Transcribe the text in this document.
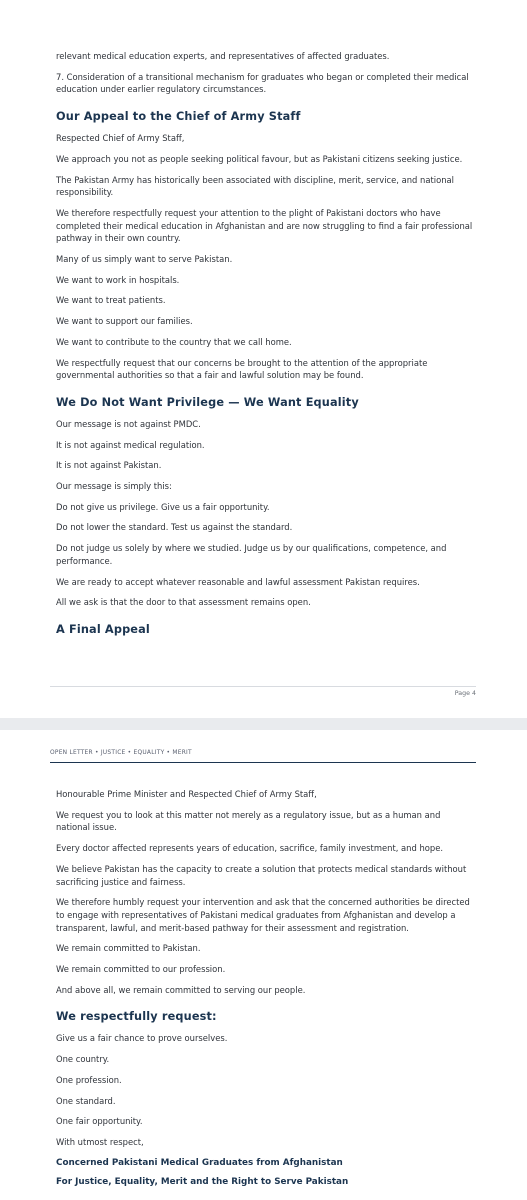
relevant medical education experts, and representatives of affected graduates.

7. Consideration of a transitional mechanism for graduates who began or completed their medical education under earlier regulatory circumstances.

Our Appeal to the Chief of Army Staff

Respected Chief of Army Staff,

We approach you not as people seeking political favour, but as Pakistani citizens seeking justice.

The Pakistan Army has historically been associated with discipline, merit, service, and national responsibility.

We therefore respectfully request your attention to the plight of Pakistani doctors who have completed their medical education in Afghanistan and are now struggling to find a fair professional pathway in their own country.

Many of us simply want to serve Pakistan.

We want to work in hospitals.

We want to treat patients.

We want to support our families.

We want to contribute to the country that we call home.

We respectfully request that our concerns be brought to the attention of the appropriate governmental authorities so that a fair and lawful solution may be found.

We Do Not Want Privilege — We Want Equality

Our message is not against PMDC.

It is not against medical regulation.

It is not against Pakistan.

Our message is simply this:

Do not give us privilege. Give us a fair opportunity.

Do not lower the standard. Test us against the standard.

Do not judge us solely by where we studied. Judge us by our qualifications, competence, and performance.

We are ready to accept whatever reasonable and lawful assessment Pakistan requires.

All we ask is that the door to that assessment remains open.

A Final Appeal
Page 4
OPEN LETTER • JUSTICE • EQUALITY • MERIT

Honourable Prime Minister and Respected Chief of Army Staff,

We request you to look at this matter not merely as a regulatory issue, but as a human and national issue.

Every doctor affected represents years of education, sacrifice, family investment, and hope.

We believe Pakistan has the capacity to create a solution that protects medical standards without sacrificing justice and fairness.

We therefore humbly request your intervention and ask that the concerned authorities be directed to engage with representatives of Pakistani medical graduates from Afghanistan and develop a transparent, lawful, and merit-based pathway for their assessment and registration.

We remain committed to Pakistan.

We remain committed to our profession.

And above all, we remain committed to serving our people.

We respectfully request:

Give us a fair chance to prove ourselves.

One country.

One profession.

One standard.

One fair opportunity.

With utmost respect,

Concerned Pakistani Medical Graduates from Afghanistan
For Justice, Equality, Merit and the Right to Serve Pakistan
